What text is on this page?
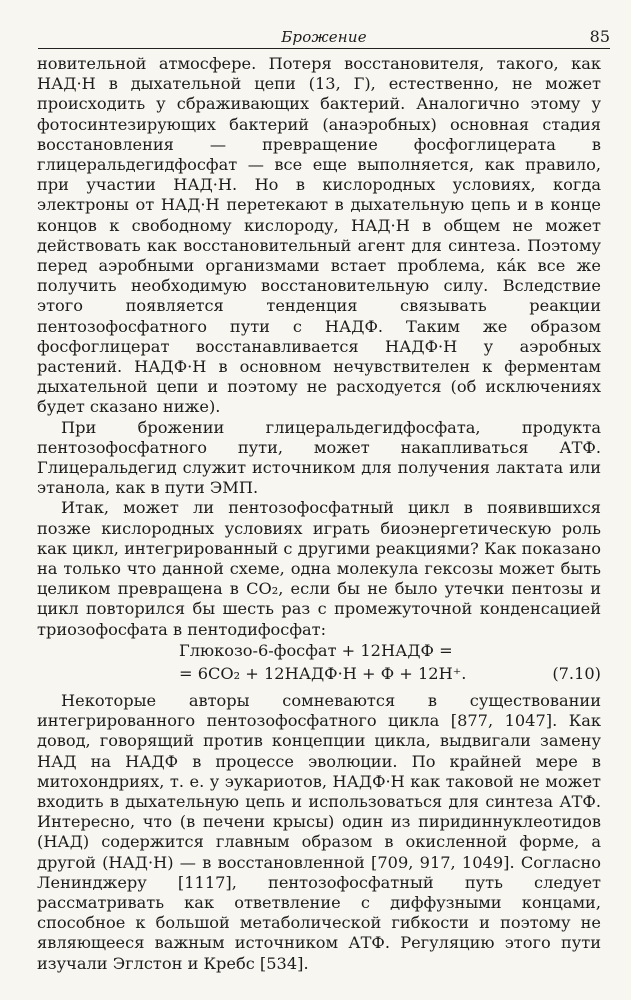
Брожение	85

новительной атмосфере. Потеря восстановителя, такого, как НАД·Н в дыхательной цепи (13, Г), естественно, не может происходить у сбраживающих бактерий. Аналогично этому у фотосинтезирующих бактерий (анаэробных) основная стадия восстановления — превращение фосфоглицерата в глицеральдегидфосфат — все еще выполняется, как правило, при участии НАД·Н. Но в кислородных условиях, когда электроны от НАД·Н перетекают в дыхательную цепь и в конце концов к свободному кислороду, НАД·Н в общем не может действовать как восстановительный агент для синтеза. Поэтому перед аэробными организмами встает проблема, ка́к все же получить необходимую восстановительную силу. Вследствие этого появляется тенденция связывать реакции пентозофосфатного пути с НАДФ. Таким же образом фосфоглицерат восстанавливается НАДФ·Н у аэробных растений. НАДФ·Н в основном нечувствителен к ферментам дыхательной цепи и поэтому не расходуется (об исключениях будет сказано ниже).

При брожении глицеральдегидфосфата, продукта пентозофосфатного пути, может накапливаться АТФ. Глицеральдегид служит источником для получения лактата или этанола, как в пути ЭМП.

Итак, может ли пентозофосфатный цикл в появившихся позже кислородных условиях играть биоэнергетическую роль как цикл, интегрированный с другими реакциями? Как показано на только что данной схеме, одна молекула гексозы может быть целиком превращена в CO₂, если бы не было утечки пентозы и цикл повторился бы шесть раз с промежуточной конденсацией триозофосфата в пентодифосфат:

Глюкозо-6-фосфат + 12НАДФ =
= 6CO₂ + 12НАДФ·Н + Ф + 12Н⁺.	(7.10)

Некоторые авторы сомневаются в существовании интегрированного пентозофосфатного цикла [877, 1047]. Как довод, говорящий против концепции цикла, выдвигали замену НАД на НАДФ в процессе эволюции. По крайней мере в митохондриях, т. е. у эукариотов, НАДФ·Н как таковой не может входить в дыхательную цепь и использоваться для синтеза АТФ. Интересно, что (в печени крысы) один из пиридиннуклеотидов (НАД) содержится главным образом в окисленной форме, а другой (НАД·Н) — в восстановленной [709, 917, 1049]. Согласно Ленинджеру [1117], пентозофосфатный путь следует рассматривать как ответвление с диффузными концами, способное к большой метаболической гибкости и поэтому не являющееся важным источником АТФ. Регуляцию этого пути изучали Эглстон и Кребс [534].
